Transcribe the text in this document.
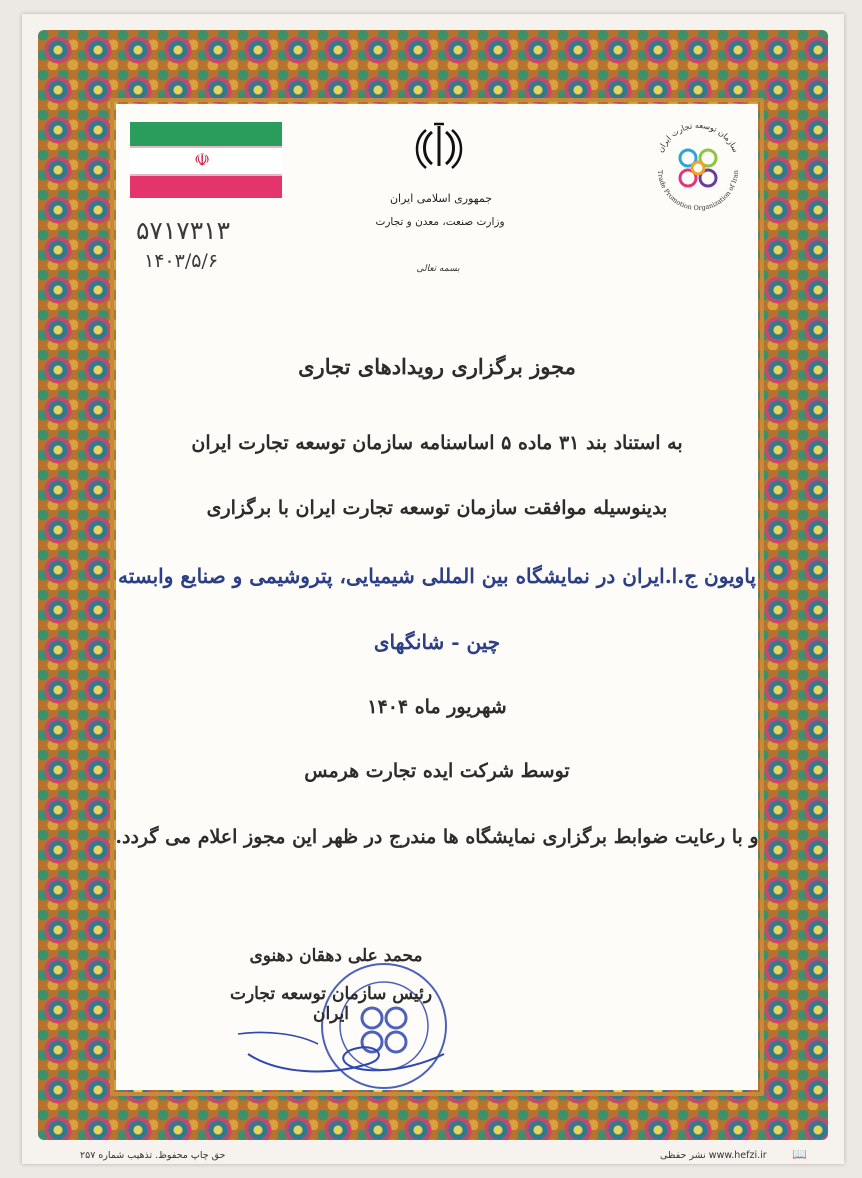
☫
۵۷۱۷۳۱۳
۱۴۰۳/۵/۶
جمهوری اسلامی ایران
وزارت صنعت، معدن و تجارت
بسمه تعالی
سازمان توسعه تجارت ایران
Trade Promotion Organization of Iran
مجوز برگزاری رویدادهای تجاری
به استناد بند ۳۱ ماده ۵ اساسنامه سازمان توسعه تجارت ایران
بدینوسیله موافقت سازمان توسعه تجارت ایران با برگزاری
پاویون ج.ا.ایران در نمایشگاه بین المللی شیمیایی، پتروشیمی و صنایع وابسته
چین - شانگهای
شهریور ماه ۱۴۰۴
توسط شرکت ایده تجارت هرمس
و با رعایت ضوابط برگزاری نمایشگاه ها مندرج در ظهر این مجوز اعلام می گردد.
محمد علی دهقان دهنوی
رئیس سازمان توسعه تجارت ایران
حق چاپ محفوظ. تذهیب شماره ۲۵۷	www.hefzi.ir نشر حفظی 📖
